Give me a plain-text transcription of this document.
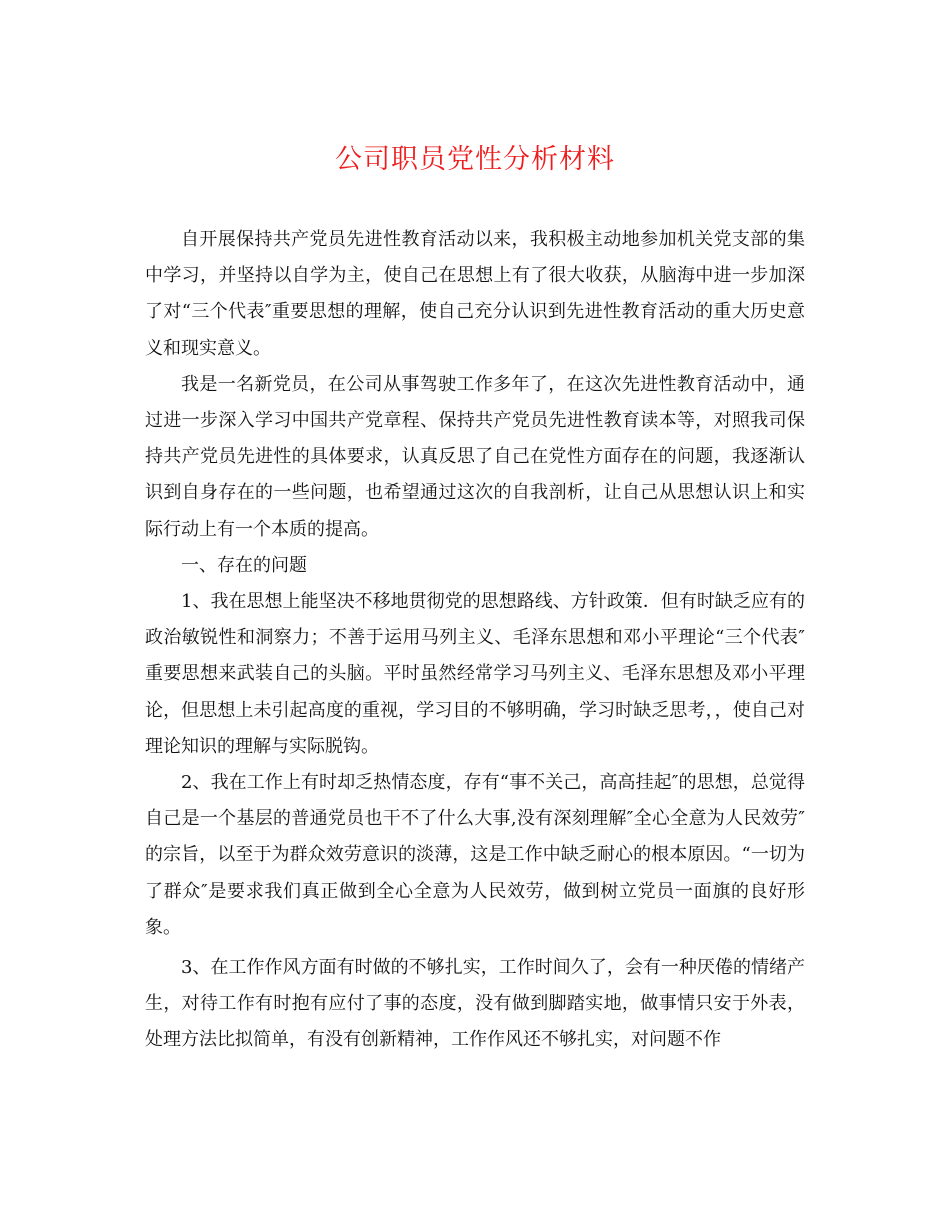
公司职员党性分析材料

自开展保持共产党员先进性教育活动以来，我积极主动地参加机关党支部的集中学习，并坚持以自学为主，使自己在思想上有了很大收获，从脑海中进一步加深了对“三个代表″重要思想的理解，使自己充分认识到先进性教育活动的重大历史意义和现实意义。

我是一名新党员，在公司从事驾驶工作多年了，在这次先进性教育活动中，通过进一步深入学习中国共产党章程、保持共产党员先进性教育读本等，对照我司保持共产党员先进性的具体要求，认真反思了自己在党性方面存在的问题，我逐渐认识到自身存在的一些问题，也希望通过这次的自我剖析，让自己从思想认识上和实际行动上有一个本质的提高。

一、存在的问题

1、我在思想上能坚决不移地贯彻党的思想路线、方针政策．但有时缺乏应有的政治敏锐性和洞察力；不善于运用马列主义、毛泽东思想和邓小平理论“三个代表″重要思想来武装自己的头脑。平时虽然经常学习马列主义、毛泽东思想及邓小平理论，但思想上未引起高度的重视，学习目的不够明确，学习时缺乏思考，，使自己对理论知识的理解与实际脱钩。

2、我在工作上有时却乏热情态度，存有“事不关己，高高挂起″的思想，总觉得自己是一个基层的普通党员也干不了什么大事,没有深刻理解″全心全意为人民效劳″的宗旨，以至于为群众效劳意识的淡薄，这是工作中缺乏耐心的根本原因。“一切为了群众″是要求我们真正做到全心全意为人民效劳，做到树立党员一面旗的良好形象。

3、在工作作风方面有时做的不够扎实，工作时间久了，会有一种厌倦的情绪产生，对待工作有时抱有应付了事的态度，没有做到脚踏实地，做事情只安于外表，处理方法比拟简单，有没有创新精神，工作作风还不够扎实，对问题不作
